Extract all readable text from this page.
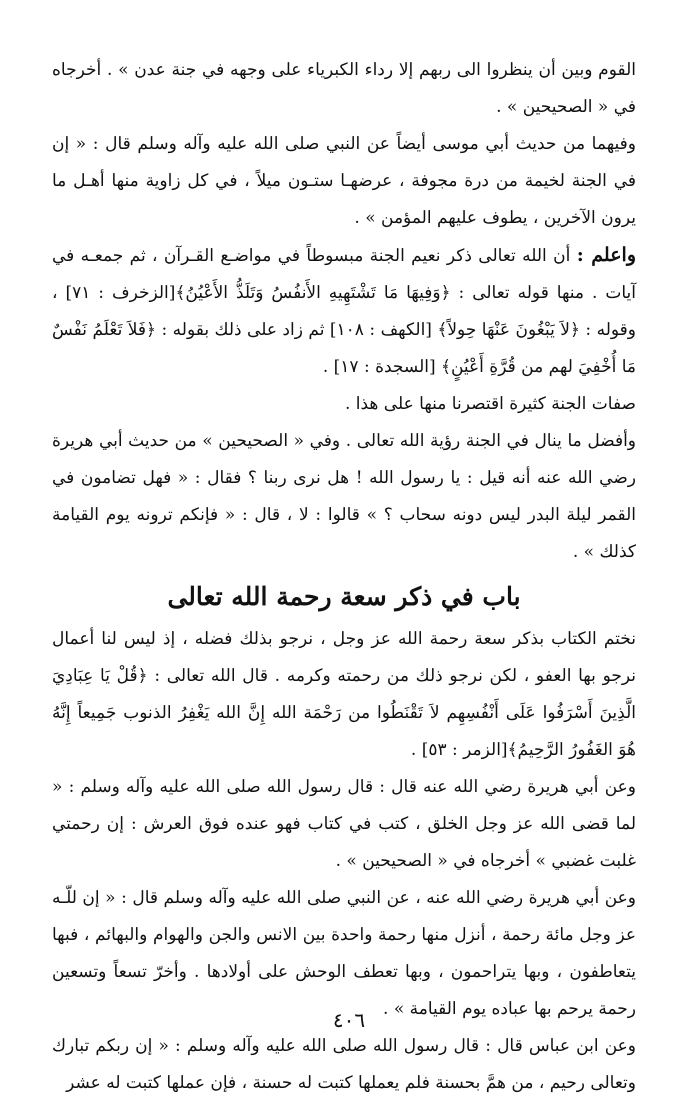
القوم وبين أن ينظروا الى ربهم إلا رداء الكبرياء على وجهه في جنة عدن » . أخرجاه في « الصحيحين » .

وفيهما من حديث أبي موسى أيضاً عن النبي صلى الله عليه وآله وسلم قال : « إن في الجنة لخيمة من درة مجوفة ، عرضهـا ستـون ميلاً ، في كل زاوية منها أهـل ما يرون الآخرين ، يطوف عليهم المؤمن » .

واعلم : أن الله تعالى ذكر نعيم الجنة مبسوطاً في مواضـع القـرآن ، ثم جمعـه في آيات . منها قوله تعالى : ﴿وَفِيهَا مَا تَشْتَهِيهِ الأَنفُسُ وَتَلَذُّ الأَعْيُنُ﴾[الزخرف : ٧١] ، وقوله : ﴿لاَ يَبْغُونَ عَنْهَا حِولاً﴾ [الكهف : ١٠٨] ثم زاد على ذلك بقوله : ﴿فَلاَ تَعْلَمُ نَفْسٌ مَا أُخْفِيَ لهم من قُرَّةِ أَعْيُنٍ﴾ [السجدة : ١٧] .

صفات الجنة كثيرة اقتصرنا منها على هذا .

وأفضل ما ينال في الجنة رؤية الله تعالى . وفي « الصحيحين » من حديث أبي هريرة رضي الله عنه أنه قيل : يا رسول الله ! هل نرى ربنا ؟ فقال : « فهل تضامون في القمر ليلة البدر ليس دونه سحاب ؟ » قالوا : لا ، قال : « فإنكم ترونه يوم القيامة كذلك » .

باب في ذكر سعة رحمة الله تعالى

نختم الكتاب بذكر سعة رحمة الله عز وجل ، نرجو بذلك فضله ، إذ ليس لنا أعمال نرجو بها العفو ، لكن نرجو ذلك من رحمته وكرمه . قال الله تعالى : ﴿قُلْ يَا عِبَادِيَ الَّذِينَ أَسْرَفُوا عَلَى أَنْفُسِهِم لاَ تَقْنَطُوا من رَحْمَة الله إِنَّ الله يَغْفِرُ الذنوب جَمِيعاً إِنَّهُ هُوَ الغَفُورُ الرَّحِيمُ﴾[الزمر : ٥٣] .

وعن أبي هريرة رضي الله عنه قال : قال رسول الله صلى الله عليه وآله وسلم : « لما قضى الله عز وجل الخلق ، كتب في كتاب فهو عنده فوق العرش : إن رحمتي غلبت غضبي » أخرجاه في « الصحيحين » .

وعن أبي هريرة رضي الله عنه ، عن النبي صلى الله عليه وآله وسلم قال : « إن للّـه عز وجل مائة رحمة ، أنزل منها رحمة واحدة بين الانس والجن والهوام والبهائم ، فبها يتعاطفون ، وبها يتراحمون ، وبها تعطف الوحش على أولادها . وأخرّ تسعاً وتسعين رحمة يرحم بها عباده يوم القيامة » .

وعن ابن عباس قال : قال رسول الله صلى الله عليه وآله وسلم : « إن ربكم تبارك وتعالى رحيم ، من همَّ بحسنة فلم يعملها كتبت له حسنة ، فإن عملها كتبت له عشر

٤٠٦
